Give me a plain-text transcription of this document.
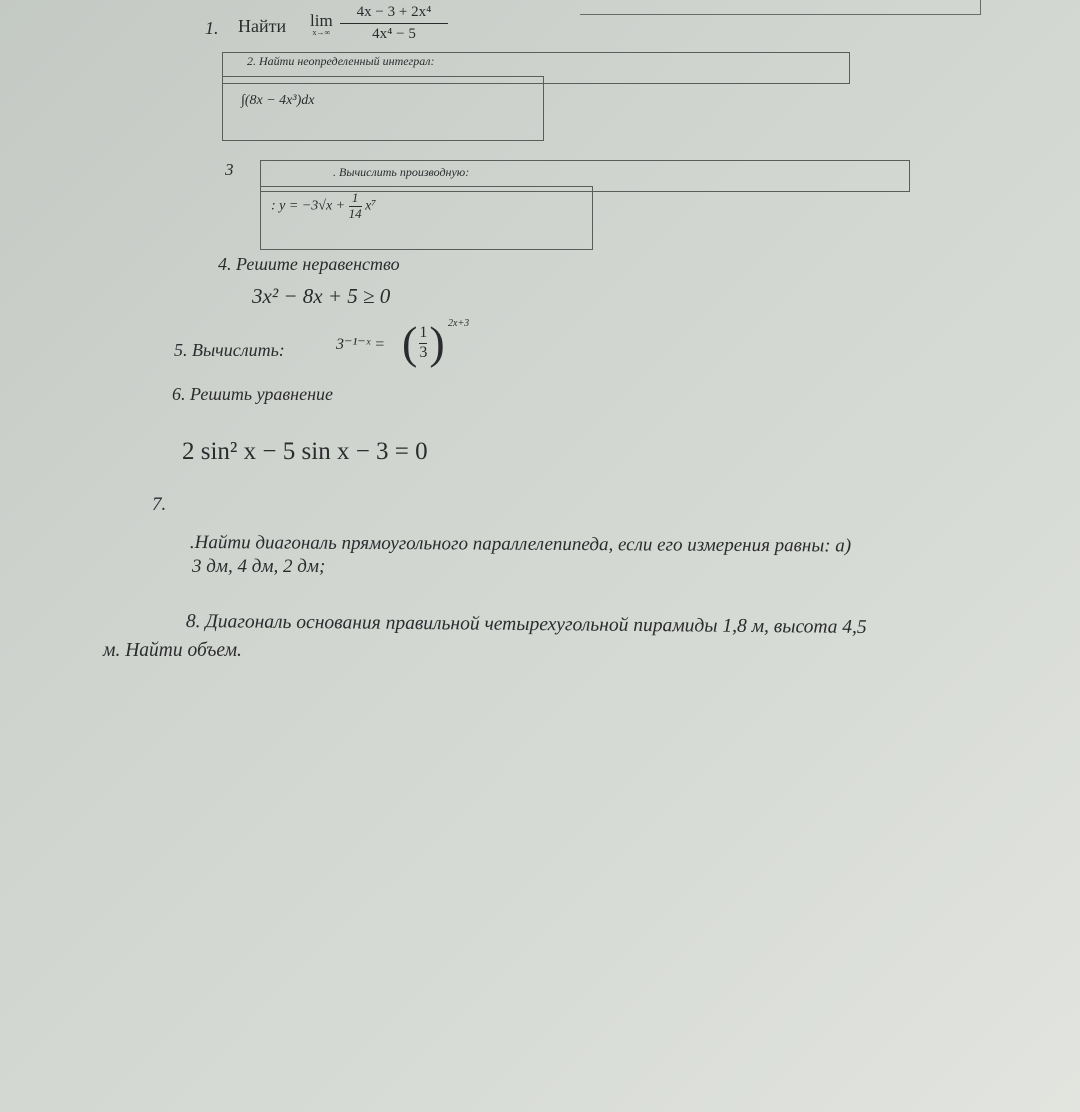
1. Найти lim
$x\to\infty \frac{\text{4x − 3 + 2x⁴}}{\text{4x⁴ − 5}}$
2. Найти неопределенный интеграл:
∫(8x − 4x³)dx
3	. Вычислить производную:
: $y = -3√x + \frac{1}{14} x^7$
4. Решите неравенство
3x² − 8x + 5 ≥ 0
5. Вычислить:	3⁻¹⁻ˣ = ( $\frac{1}{3}$ ) 2x+3
6. Решить уравнение
2 sin² x − 5 sin x − 3 = 0
7.
.Найти диагональ прямоугольного параллелепипеда, если его измерения равны: а)
3 дм, 4 дм, 2 дм;
8. Диагональ основания правильной четырехугольной пирамиды 1,8 м, высота 4,5
м. Найти объем.
